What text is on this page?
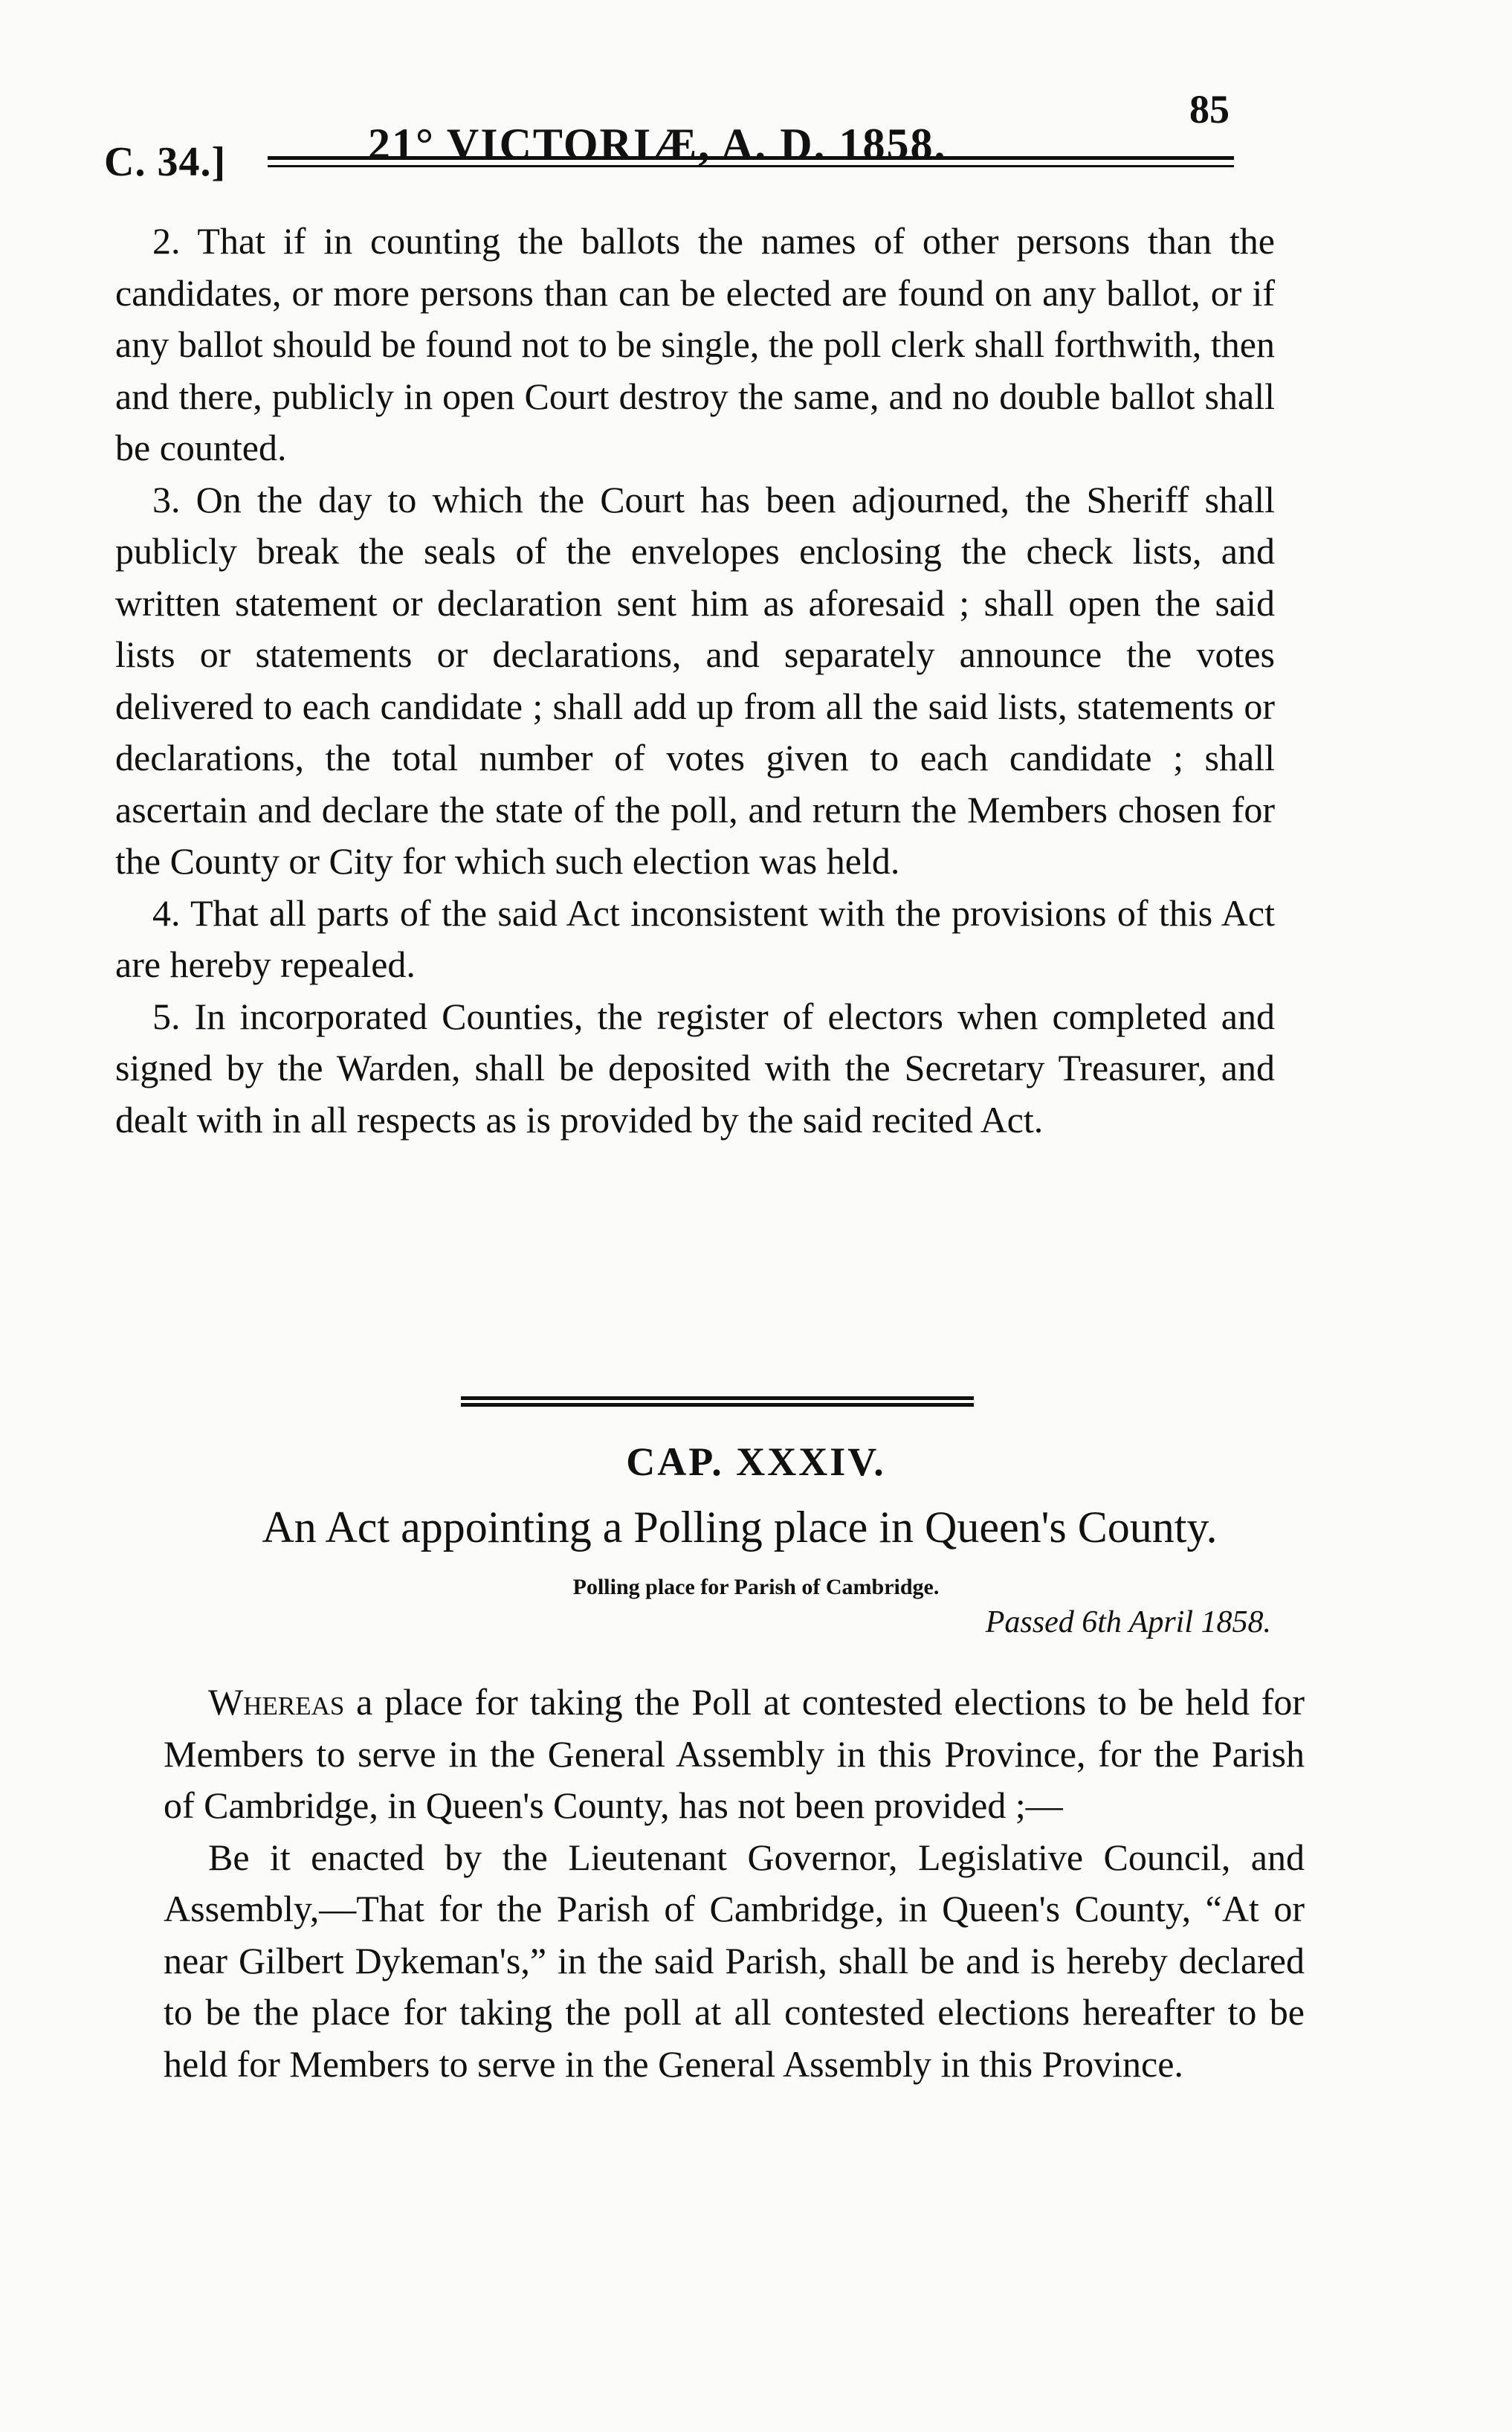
C. 34.]	21° VICTORIÆ, A. D. 1858.
85

2. That if in counting the ballots the names of other persons than the candidates, or more persons than can be elected are found on any ballot, or if any ballot should be found not to be single, the poll clerk shall forthwith, then and there, publicly in open Court destroy the same, and no double ballot shall be counted.

3. On the day to which the Court has been adjourned, the Sheriff shall publicly break the seals of the envelopes enclosing the check lists, and written statement or declaration sent him as aforesaid ; shall open the said lists or statements or declarations, and separately announce the votes delivered to each candidate ; shall add up from all the said lists, statements or declarations, the total number of votes given to each candidate ; shall ascertain and declare the state of the poll, and return the Members chosen for the County or City for which such election was held.

4. That all parts of the said Act inconsistent with the provisions of this Act are hereby repealed.

5. In incorporated Counties, the register of electors when completed and signed by the Warden, shall be deposited with the Secretary Treasurer, and dealt with in all respects as is provided by the said recited Act.

CAP. XXXIV.
An Act appointing a Polling place in Queen's County.
Polling place for Parish of Cambridge.
Passed 6th April 1858.

Whereas a place for taking the Poll at contested elections to be held for Members to serve in the General Assembly in this Province, for the Parish of Cambridge, in Queen's County, has not been provided ;—

Be it enacted by the Lieutenant Governor, Legislative Council, and Assembly,—That for the Parish of Cambridge, in Queen's County, “At or near Gilbert Dykeman's,” in the said Parish, shall be and is hereby declared to be the place for taking the poll at all contested elections hereafter to be held for Members to serve in the General Assembly in this Province.
